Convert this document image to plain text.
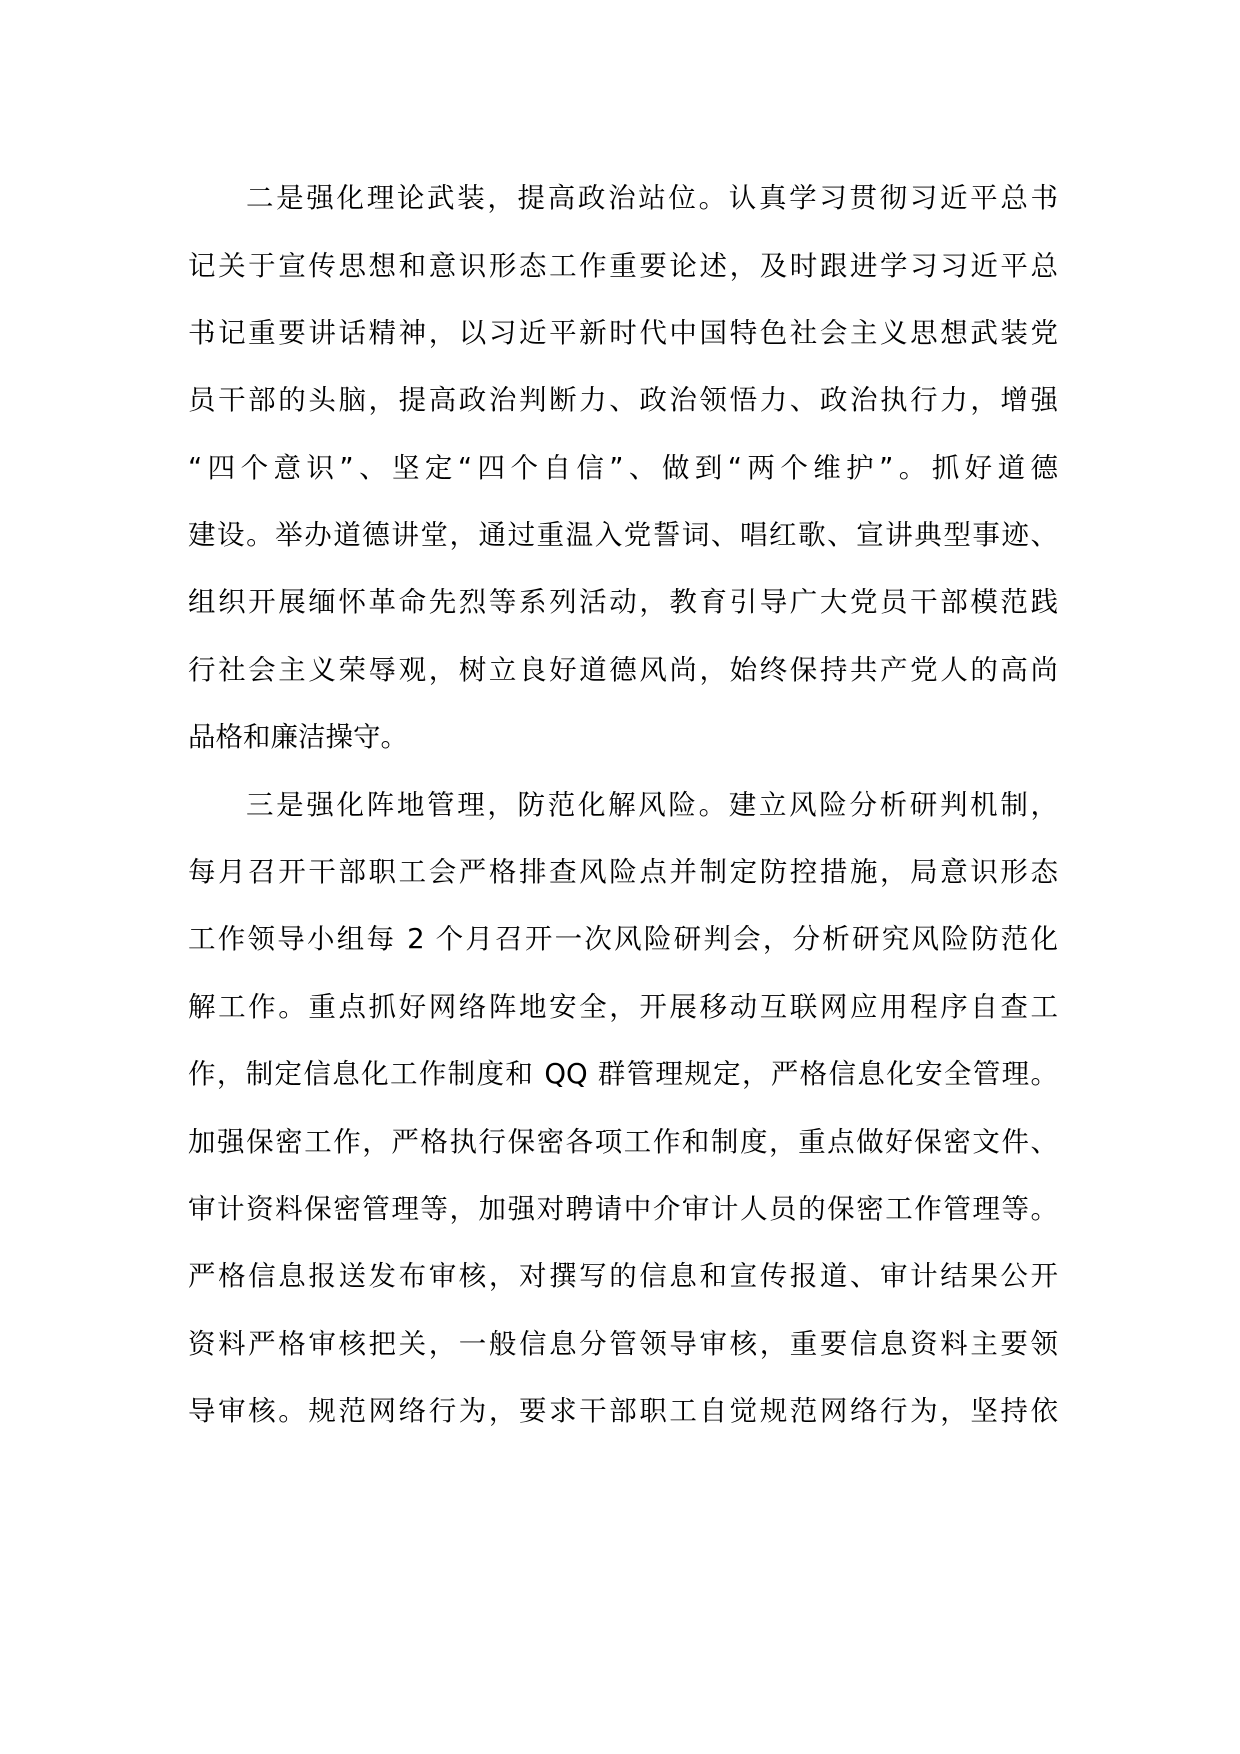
二是强化理论武装，提高政治站位。认真学习贯彻习近平总书
记关于宣传思想和意识形态工作重要论述，及时跟进学习习近平总
书记重要讲话精神，以习近平新时代中国特色社会主义思想武装党
员干部的头脑，提高政治判断力、政治领悟力、政治执行力，增强
“四个意识”、坚定“四个自信”、做到“两个维护”。抓好道德
建设。举办道德讲堂，通过重温入党誓词、唱红歌、宣讲典型事迹、
组织开展缅怀革命先烈等系列活动，教育引导广大党员干部模范践
行社会主义荣辱观，树立良好道德风尚，始终保持共产党人的高尚
品格和廉洁操守。
三是强化阵地管理，防范化解风险。建立风险分析研判机制，
每月召开干部职工会严格排查风险点并制定防控措施，局意识形态
工作领导小组每 2 个月召开一次风险研判会，分析研究风险防范化
解工作。重点抓好网络阵地安全，开展移动互联网应用程序自查工
作，制定信息化工作制度和 QQ 群管理规定，严格信息化安全管理。
加强保密工作，严格执行保密各项工作和制度，重点做好保密文件、
审计资料保密管理等，加强对聘请中介审计人员的保密工作管理等。
严格信息报送发布审核，对撰写的信息和宣传报道、审计结果公开
资料严格审核把关，一般信息分管领导审核，重要信息资料主要领
导审核。规范网络行为，要求干部职工自觉规范网络行为，坚持依
